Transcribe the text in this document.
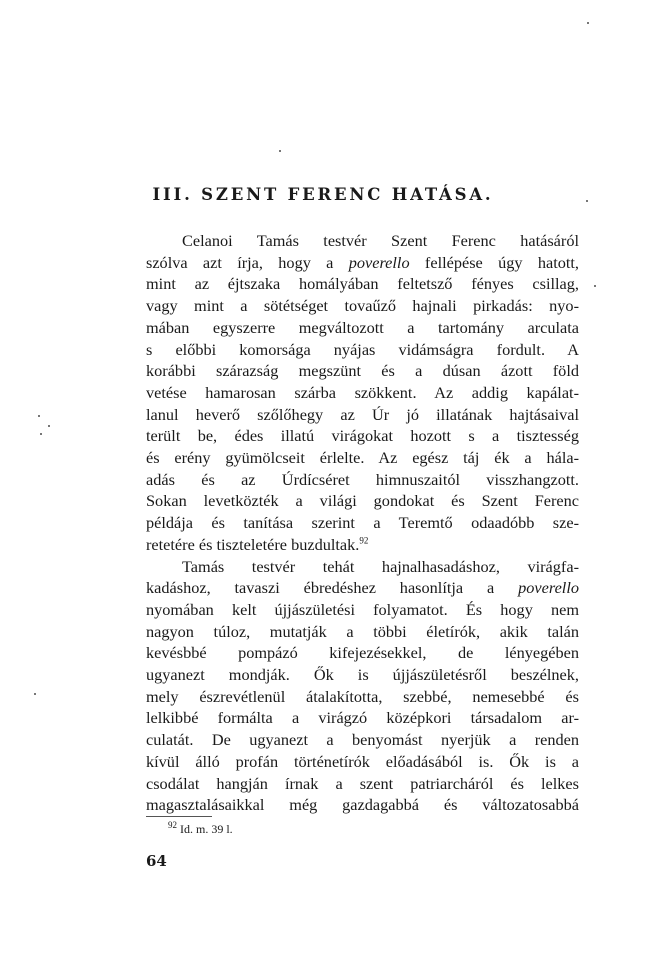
III. SZENT FERENC HATÁSA.

Celanoi Tamás testvér Szent Ferenc hatásáról
szólva azt írja, hogy a poverello fellépése úgy hatott,
mint az éjtszaka homályában feltetsző fényes csillag,
vagy mint a sötétséget tovaűző hajnali pirkadás: nyo-
mában egyszerre megváltozott a tartomány arculata
s előbbi komorsága nyájas vidámságra fordult. A
korábbi szárazság megszünt és a dúsan ázott föld
vetése hamarosan szárba szökkent. Az addig kapálat-
lanul heverő szőlőhegy az Úr jó illatának hajtásaival
terült be, édes illatú virágokat hozott s a tisztesség
és erény gyümölcseit érlelte. Az egész táj ék a hála-
adás és az Úrdícséret himnuszaitól visszhangzott.
Sokan levetközték a világi gondokat és Szent Ferenc
példája és tanítása szerint a Teremtő odaadóbb sze-
retetére és tiszteletére buzdultak.$^{92}$

Tamás testvér tehát hajnalhasadáshoz, virágfa-
kadáshoz, tavaszi ébredéshez hasonlítja a poverello
nyomában kelt újjászületési folyamatot. És hogy nem
nagyon túloz, mutatják a többi életírók, akik talán
kevésbbé pompázó kifejezésekkel, de lényegében
ugyanezt mondják. Ők is újjászületésről beszélnek,
mely észrevétlenül átalakította, szebbé, nemesebbé és
lelkibbé formálta a virágzó középkori társadalom ar-
culatát. De ugyanezt a benyomást nyerjük a renden
kívül álló profán történetírók előadásából is. Ők is a
csodálat hangján írnak a szent patriarcháról és lelkes
magasztalásaikkal még gazdagabbá és változatosabbá

$^{92}$ Id. m. 39 l.
64
